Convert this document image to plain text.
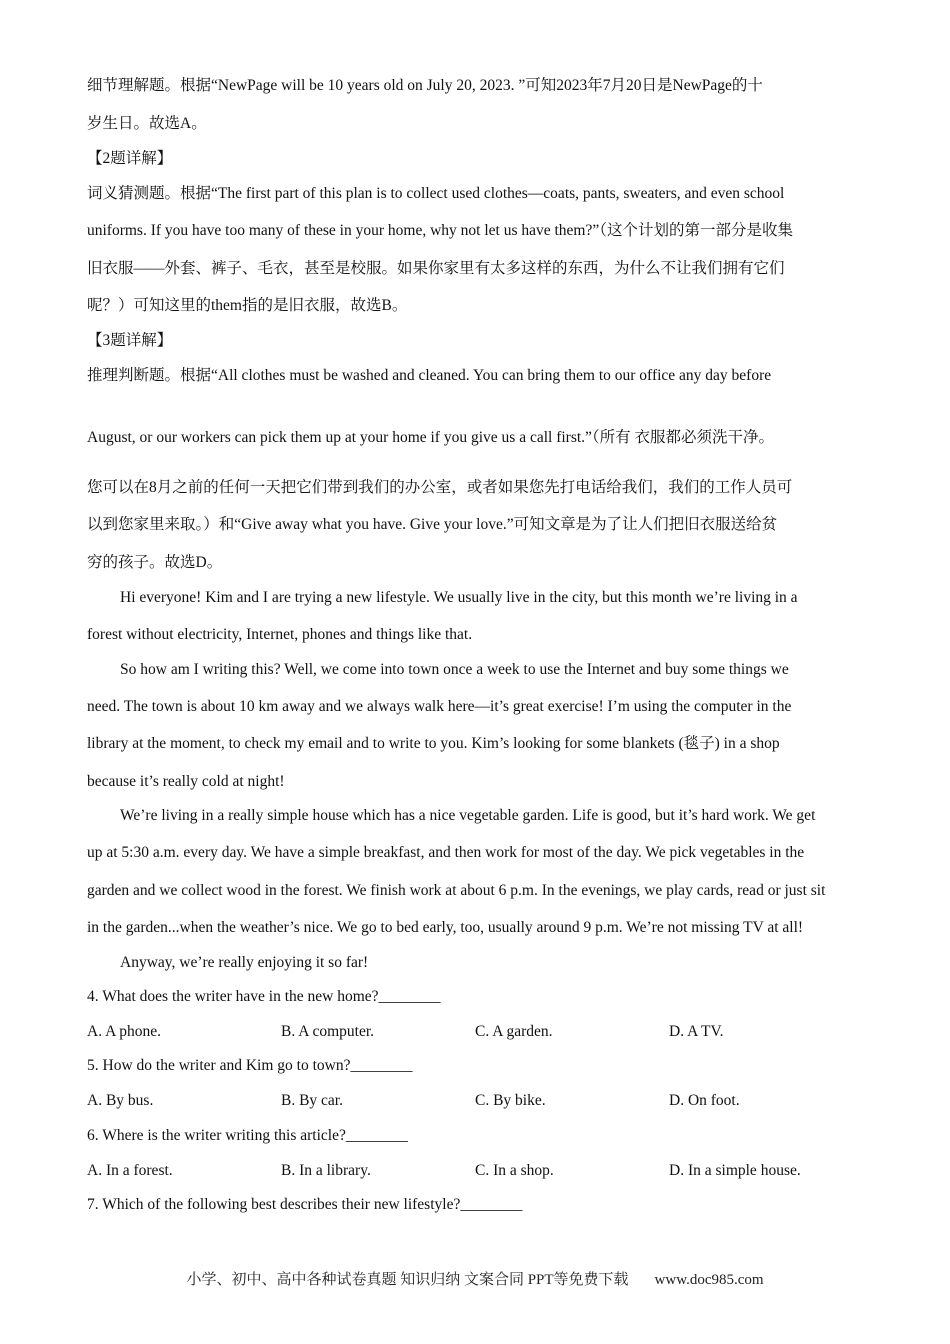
细节理解题。根据“NewPage will be 10 years old on July 20, 2023. ”可知2023年7月20日是NewPage的十
岁生日。故选A。
【2题详解】
词义猜测题。根据“The first part of this plan is to collect used clothes—coats, pants, sweaters, and even school
uniforms. If you have too many of these in your home, why not let us have them?”（这个计划的第一部分是收集
旧衣服——外套、裤子、毛衣，甚至是校服。如果你家里有太多这样的东西，为什么不让我们拥有它们
呢？）可知这里的them指的是旧衣服，故选B。
【3题详解】
推理判断题。根据“All clothes must be washed and cleaned. You can bring them to our office any day before
August, or our workers can pick them up at your home if you give us a call first.”（所有 衣服都必须洗干净。
您可以在8月之前的任何一天把它们带到我们的办公室，或者如果您先打电话给我们，我们的工作人员可
以到您家里来取。）和“Give away what you have. Give your love.”可知文章是为了让人们把旧衣服送给贫
穷的孩子。故选D。
Hi everyone! Kim and I are trying a new lifestyle. We usually live in the city, but this month we’re living in a
forest without electricity, Internet, phones and things like that.
So how am I writing this? Well, we come into town once a week to use the Internet and buy some things we
need. The town is about 10 km away and we always walk here—it’s great exercise! I’m using the computer in the
library at the moment, to check my email and to write to you. Kim’s looking for some blankets (毯子) in a shop
because it’s really cold at night!
We’re living in a really simple house which has a nice vegetable garden. Life is good, but it’s hard work. We get
up at 5:30 a.m. every day. We have a simple breakfast, and then work for most of the day. We pick vegetables in the
garden and we collect wood in the forest. We finish work at about 6 p.m. In the evenings, we play cards, read or just sit
in the garden...when the weather’s nice. We go to bed early, too, usually around 9 p.m. We’re not missing TV at all!
Anyway, we’re really enjoying it so far!
4. What does the writer have in the new home?________
A. A phone.	B. A computer.	C. A garden.	D. A TV.
5. How do the writer and Kim go to town?________
A. By bus.	B. By car.	C. By bike.	D. On foot.
6. Where is the writer writing this article?________
A. In a forest.	B. In a library.	C. In a shop.	D. In a simple house.
7. Which of the following best describes their new lifestyle?________
小学、初中、高中各种试卷真题 知识归纳 文案合同 PPT等免费下载 www.doc985.com
